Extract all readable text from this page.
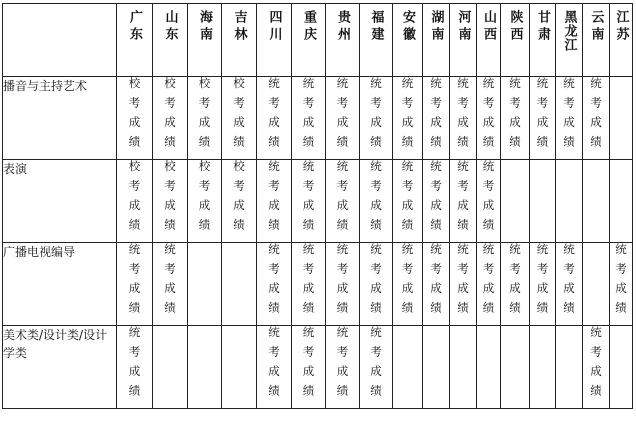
	广东	山东	海南	吉林	四川	重庆	贵州	福建	安徽	湖南	河南	山西	陕西	甘肃	黑龙江	云南	江苏
播音与主持艺术	校考成绩	校考成绩	校考成绩	校考成绩	统考成绩	统考成绩	统考成绩	统考成绩	统考成绩	统考成绩	统考成绩	统考成绩	统考成绩	统考成绩	统考成绩	统考成绩	
表演	校考成绩	校考成绩	校考成绩	校考成绩	统考成绩	统考成绩	统考成绩	统考成绩	统考成绩	统考成绩	统考成绩	统考成绩					
广播电视编导	统考成绩	统考成绩			统考成绩	统考成绩	统考成绩	统考成绩	统考成绩	统考成绩	统考成绩	统考成绩	统考成绩	统考成绩	统考成绩		统考成绩
美术类/设计类/设计学类	统考成绩				统考成绩	统考成绩	统考成绩	统考成绩								统考成绩	
